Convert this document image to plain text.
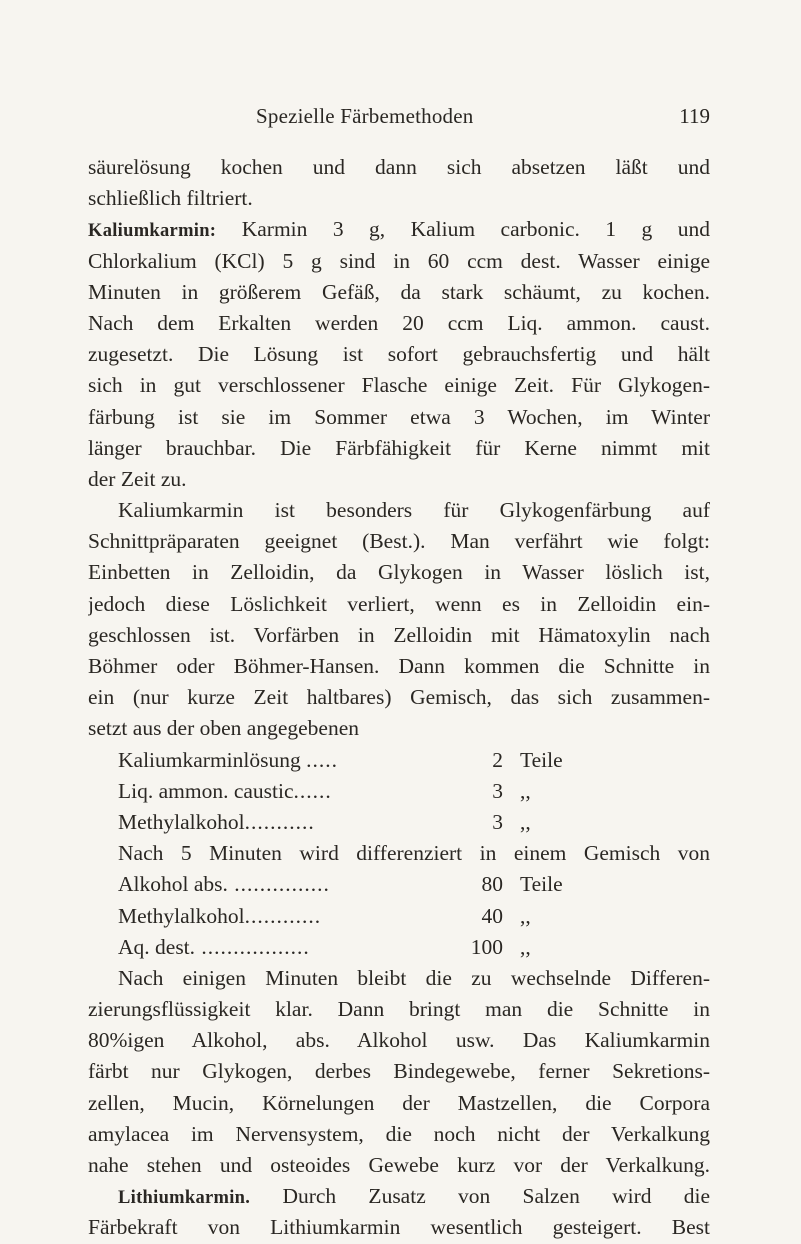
Spezielle Färbemethoden	119
säurelösung kochen und dann sich absetzen läßt und
schließlich filtriert.
Kaliumkarmin: Karmin 3 g, Kalium carbonic. 1 g und
Chlorkalium (KCl) 5 g sind in 60 ccm dest. Wasser einige
Minuten in größerem Gefäß, da stark schäumt, zu kochen.
Nach dem Erkalten werden 20 ccm Liq. ammon. caust.
zugesetzt. Die Lösung ist sofort gebrauchsfertig und hält
sich in gut verschlossener Flasche einige Zeit. Für Glykogen-
färbung ist sie im Sommer etwa 3 Wochen, im Winter
länger brauchbar. Die Färbfähigkeit für Kerne nimmt mit
der Zeit zu.
Kaliumkarmin ist besonders für Glykogenfärbung auf
Schnittpräparaten geeignet (Best.). Man verfährt wie folgt:
Einbetten in Zelloidin, da Glykogen in Wasser löslich ist,
jedoch diese Löslichkeit verliert, wenn es in Zelloidin ein-
geschlossen ist. Vorfärben in Zelloidin mit Hämatoxylin nach
Böhmer oder Böhmer-Hansen. Dann kommen die Schnitte in
ein (nur kurze Zeit haltbares) Gemisch, das sich zusammen-
setzt aus der oben angegebenen
Kaliumkarminlösung .....	2 Teile
Liq. ammon. caustic......	3 ,,
Methylalkohol...........	3 ,,
Nach 5 Minuten wird differenziert in einem Gemisch von
Alkohol abs. ...............	80 Teile
Methylalkohol............	40 ,,
Aq. dest. .................	100 ,,
Nach einigen Minuten bleibt die zu wechselnde Differen-
zierungsflüssigkeit klar. Dann bringt man die Schnitte in
80%igen Alkohol, abs. Alkohol usw. Das Kaliumkarmin
färbt nur Glykogen, derbes Bindegewebe, ferner Sekretions-
zellen, Mucin, Körnelungen der Mastzellen, die Corpora
amylacea im Nervensystem, die noch nicht der Verkalkung
nahe stehen und osteoides Gewebe kurz vor der Verkalkung.
Lithiumkarmin. Durch Zusatz von Salzen wird die
Färbekraft von Lithiumkarmin wesentlich gesteigert. Best
